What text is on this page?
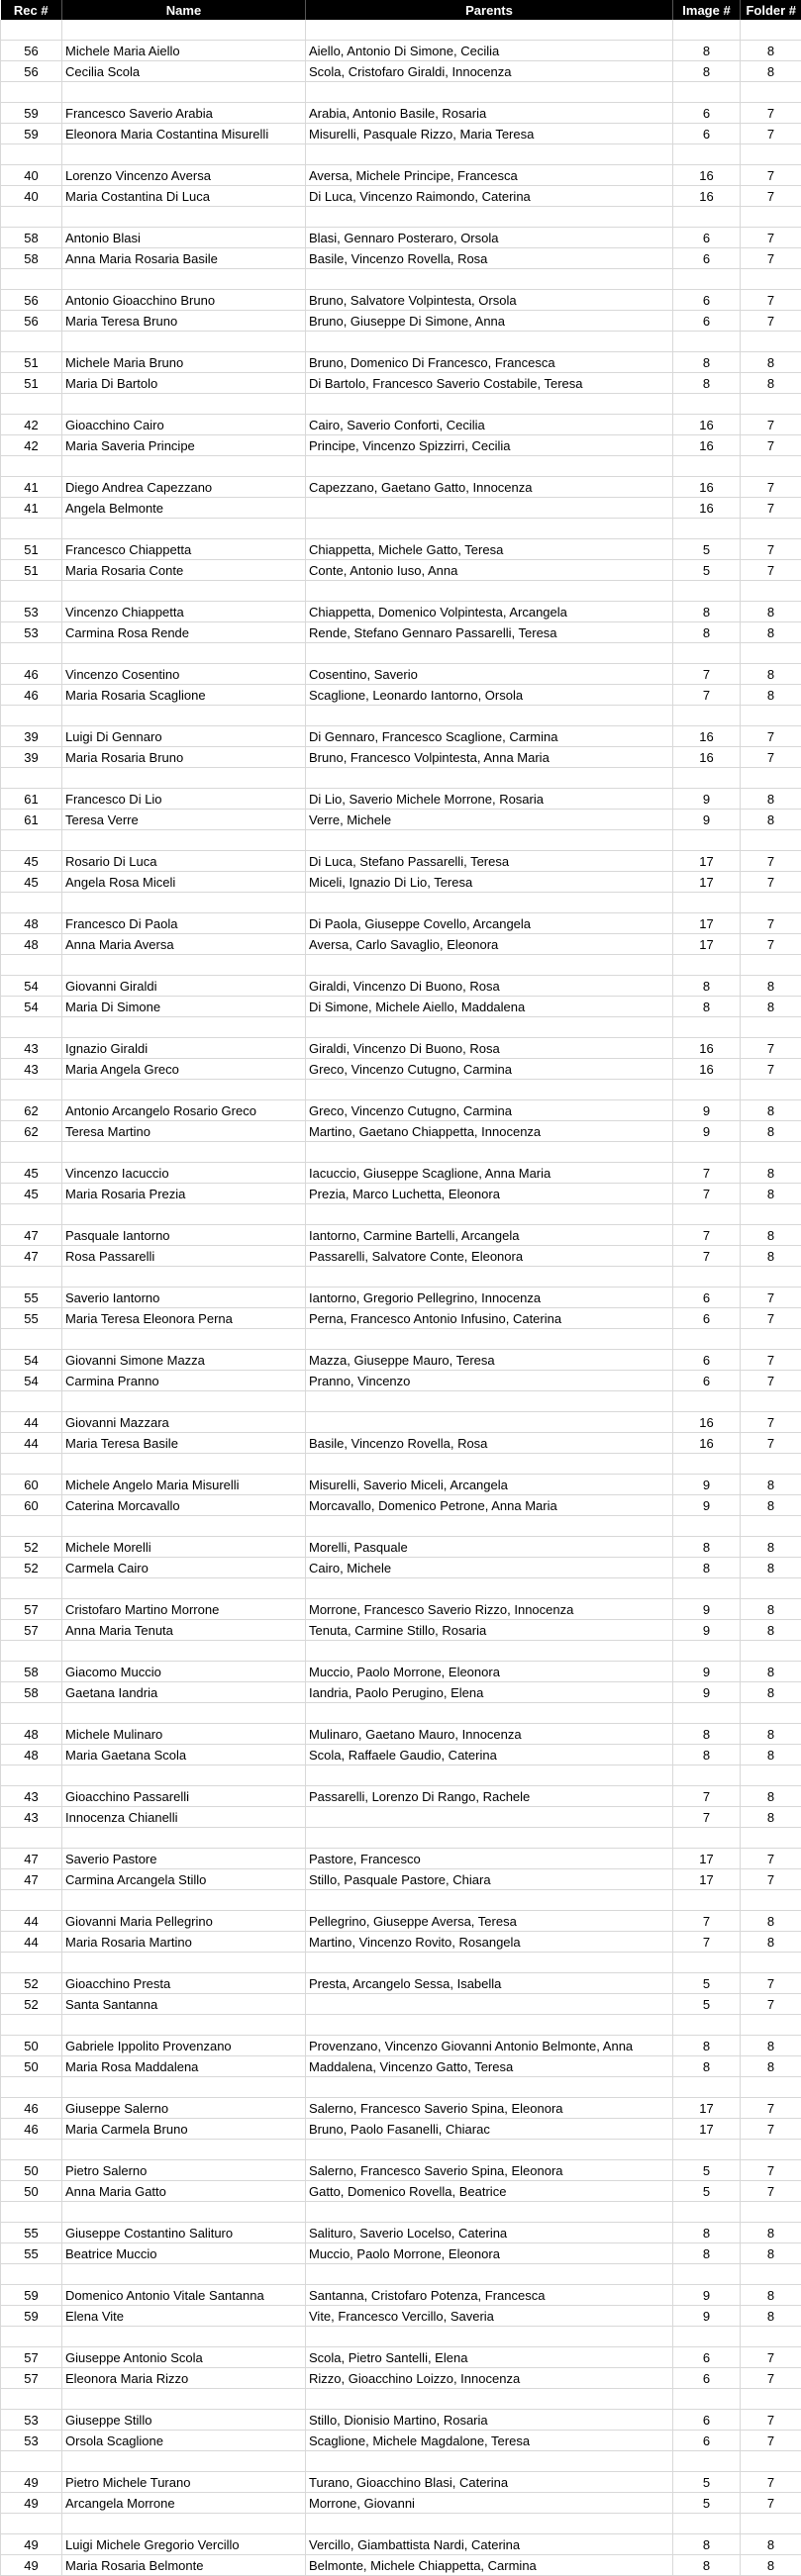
Rec #	Name	Parents	Image #	Folder #

56	Michele Maria Aiello	Aiello, Antonio Di Simone, Cecilia	8	8
56	Cecilia Scola	Scola, Cristofaro Giraldi, Innocenza	8	8

59	Francesco Saverio Arabia	Arabia, Antonio Basile, Rosaria	6	7
59	Eleonora Maria Costantina Misurelli	Misurelli, Pasquale Rizzo, Maria Teresa	6	7

40	Lorenzo Vincenzo Aversa	Aversa, Michele Principe, Francesca	16	7
40	Maria Costantina Di Luca	Di Luca, Vincenzo Raimondo, Caterina	16	7

58	Antonio Blasi	Blasi, Gennaro Posteraro, Orsola	6	7
58	Anna Maria Rosaria Basile	Basile, Vincenzo Rovella, Rosa	6	7

56	Antonio Gioacchino Bruno	Bruno, Salvatore Volpintesta, Orsola	6	7
56	Maria Teresa Bruno	Bruno, Giuseppe Di Simone, Anna	6	7

51	Michele Maria Bruno	Bruno, Domenico Di Francesco, Francesca	8	8
51	Maria Di Bartolo	Di Bartolo, Francesco Saverio Costabile, Teresa	8	8

42	Gioacchino Cairo	Cairo, Saverio Conforti, Cecilia	16	7
42	Maria Saveria Principe	Principe, Vincenzo Spizzirri, Cecilia	16	7

41	Diego Andrea Capezzano	Capezzano, Gaetano Gatto, Innocenza	16	7
41	Angela Belmonte		16	7

51	Francesco Chiappetta	Chiappetta, Michele Gatto, Teresa	5	7
51	Maria Rosaria Conte	Conte, Antonio Iuso, Anna	5	7

53	Vincenzo Chiappetta	Chiappetta, Domenico Volpintesta, Arcangela	8	8
53	Carmina Rosa Rende	Rende, Stefano Gennaro Passarelli, Teresa	8	8

46	Vincenzo Cosentino	Cosentino, Saverio	7	8
46	Maria Rosaria Scaglione	Scaglione, Leonardo Iantorno, Orsola	7	8

39	Luigi Di Gennaro	Di Gennaro, Francesco Scaglione, Carmina	16	7
39	Maria Rosaria Bruno	Bruno, Francesco Volpintesta, Anna Maria	16	7

61	Francesco Di Lio	Di Lio, Saverio Michele Morrone, Rosaria	9	8
61	Teresa Verre	Verre, Michele	9	8

45	Rosario Di Luca	Di Luca, Stefano Passarelli, Teresa	17	7
45	Angela Rosa Miceli	Miceli, Ignazio Di Lio, Teresa	17	7

48	Francesco Di Paola	Di Paola, Giuseppe Covello, Arcangela	17	7
48	Anna Maria Aversa	Aversa, Carlo Savaglio, Eleonora	17	7

54	Giovanni Giraldi	Giraldi, Vincenzo Di Buono, Rosa	8	8
54	Maria Di Simone	Di Simone, Michele Aiello, Maddalena	8	8

43	Ignazio Giraldi	Giraldi, Vincenzo Di Buono, Rosa	16	7
43	Maria Angela Greco	Greco, Vincenzo Cutugno, Carmina	16	7

62	Antonio Arcangelo Rosario Greco	Greco, Vincenzo Cutugno, Carmina	9	8
62	Teresa Martino	Martino, Gaetano Chiappetta, Innocenza	9	8

45	Vincenzo Iacuccio	Iacuccio, Giuseppe Scaglione, Anna Maria	7	8
45	Maria Rosaria Prezia	Prezia, Marco Luchetta, Eleonora	7	8

47	Pasquale Iantorno	Iantorno, Carmine Bartelli, Arcangela	7	8
47	Rosa Passarelli	Passarelli, Salvatore Conte, Eleonora	7	8

55	Saverio Iantorno	Iantorno, Gregorio Pellegrino, Innocenza	6	7
55	Maria Teresa Eleonora Perna	Perna, Francesco Antonio Infusino, Caterina	6	7

54	Giovanni Simone Mazza	Mazza, Giuseppe Mauro, Teresa	6	7
54	Carmina Pranno	Pranno, Vincenzo	6	7

44	Giovanni Mazzara		16	7
44	Maria Teresa Basile	Basile, Vincenzo Rovella, Rosa	16	7

60	Michele Angelo Maria Misurelli	Misurelli, Saverio Miceli, Arcangela	9	8
60	Caterina Morcavallo	Morcavallo, Domenico Petrone, Anna Maria	9	8

52	Michele Morelli	Morelli, Pasquale	8	8
52	Carmela Cairo	Cairo, Michele	8	8

57	Cristofaro Martino Morrone	Morrone, Francesco Saverio Rizzo, Innocenza	9	8
57	Anna Maria Tenuta	Tenuta, Carmine Stillo, Rosaria	9	8

58	Giacomo Muccio	Muccio, Paolo Morrone, Eleonora	9	8
58	Gaetana Iandria	Iandria, Paolo Perugino, Elena	9	8

48	Michele Mulinaro	Mulinaro, Gaetano Mauro, Innocenza	8	8
48	Maria Gaetana Scola	Scola, Raffaele Gaudio, Caterina	8	8

43	Gioacchino Passarelli	Passarelli, Lorenzo Di Rango, Rachele	7	8
43	Innocenza Chianelli		7	8

47	Saverio Pastore	Pastore, Francesco	17	7
47	Carmina Arcangela Stillo	Stillo, Pasquale Pastore, Chiara	17	7

44	Giovanni Maria Pellegrino	Pellegrino, Giuseppe Aversa, Teresa	7	8
44	Maria Rosaria Martino	Martino, Vincenzo Rovito, Rosangela	7	8

52	Gioacchino Presta	Presta, Arcangelo Sessa, Isabella	5	7
52	Santa Santanna		5	7

50	Gabriele Ippolito Provenzano	Provenzano, Vincenzo Giovanni Antonio Belmonte, Anna	8	8
50	Maria Rosa Maddalena	Maddalena, Vincenzo Gatto, Teresa	8	8

46	Giuseppe Salerno	Salerno, Francesco Saverio Spina, Eleonora	17	7
46	Maria Carmela Bruno	Bruno, Paolo Fasanelli, Chiarac	17	7

50	Pietro Salerno	Salerno, Francesco Saverio Spina, Eleonora	5	7
50	Anna Maria Gatto	Gatto, Domenico Rovella, Beatrice	5	7

55	Giuseppe Costantino Salituro	Salituro, Saverio Locelso, Caterina	8	8
55	Beatrice Muccio	Muccio, Paolo Morrone, Eleonora	8	8

59	Domenico Antonio Vitale Santanna	Santanna, Cristofaro Potenza, Francesca	9	8
59	Elena Vite	Vite, Francesco Vercillo, Saveria	9	8

57	Giuseppe Antonio Scola	Scola, Pietro Santelli, Elena	6	7
57	Eleonora Maria Rizzo	Rizzo, Gioacchino Loizzo, Innocenza	6	7

53	Giuseppe Stillo	Stillo, Dionisio Martino, Rosaria	6	7
53	Orsola Scaglione	Scaglione, Michele Magdalone, Teresa	6	7

49	Pietro Michele Turano	Turano, Gioacchino Blasi, Caterina	5	7
49	Arcangela Morrone	Morrone, Giovanni	5	7

49	Luigi Michele Gregorio Vercillo	Vercillo, Giambattista Nardi, Caterina	8	8
49	Maria Rosaria Belmonte	Belmonte, Michele Chiappetta, Carmina	8	8
